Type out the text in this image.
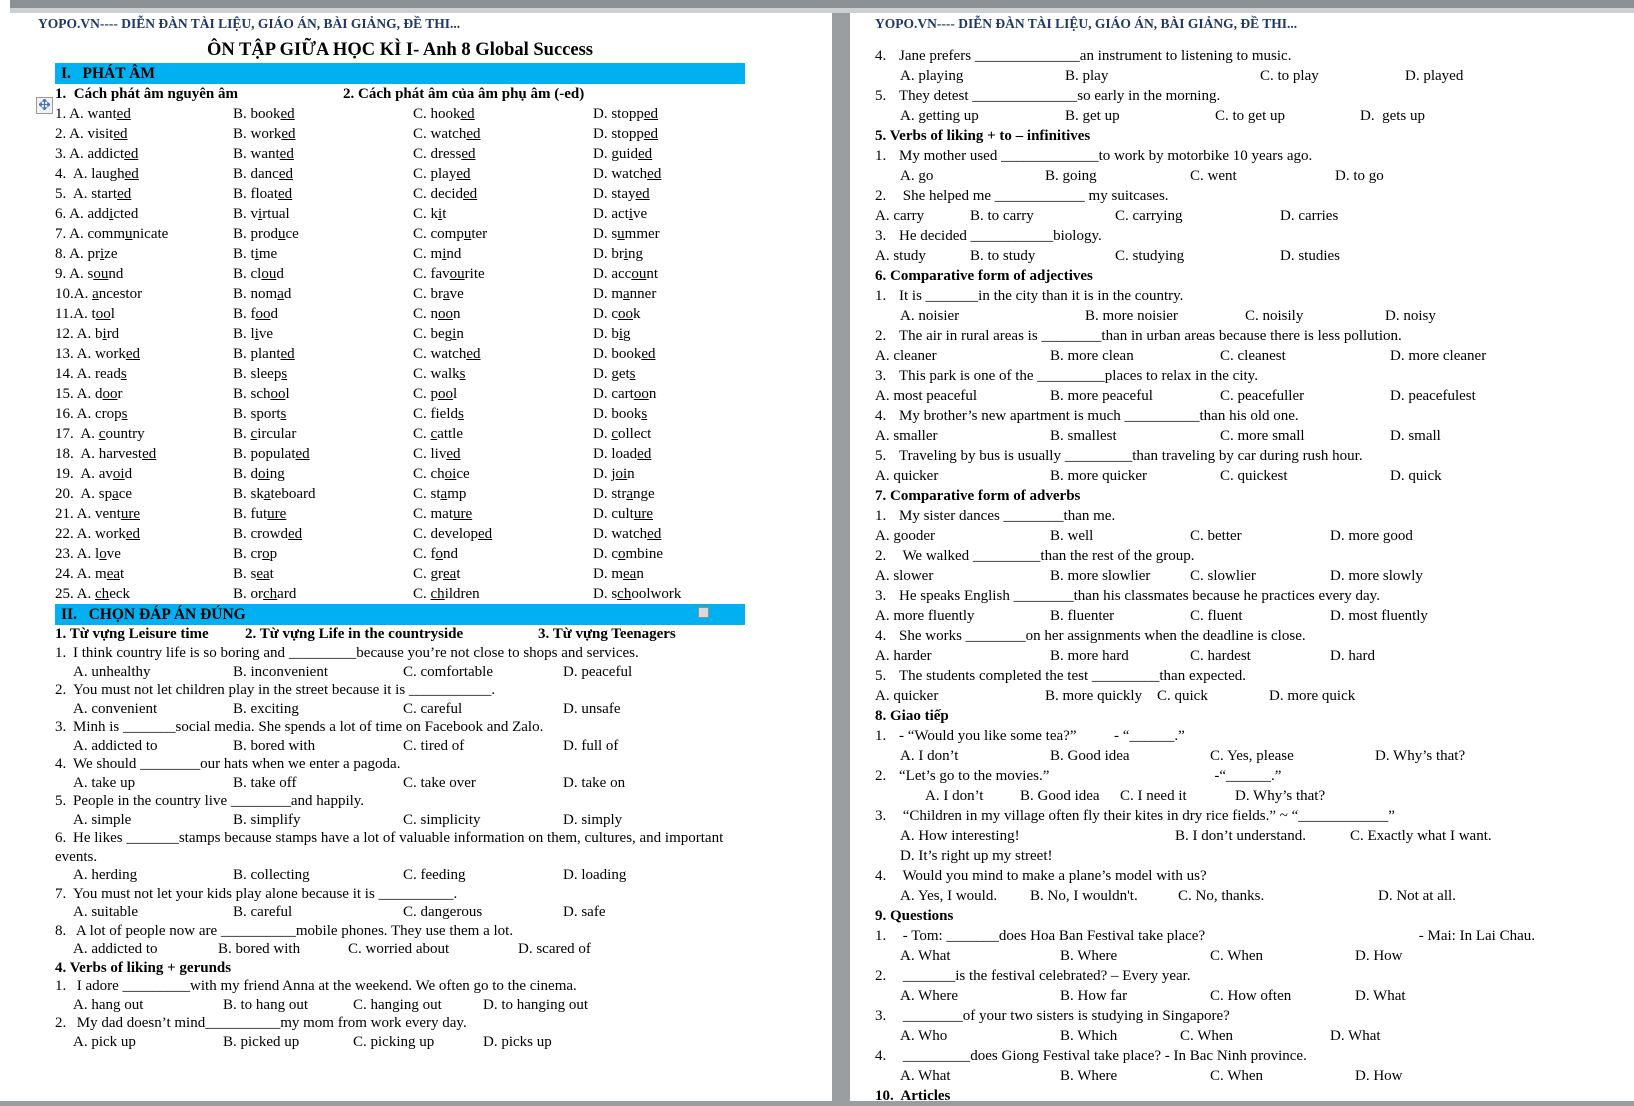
YOPO.VN---- DIỄN ĐÀN TÀI LIỆU, GIÁO ÁN, BÀI GIẢNG, ĐỀ THI...
ÔN TẬP GIỮA HỌC KÌ I- Anh 8 Global Success
I.   PHÁT ÂM
1.  Cách phát âm nguyên âm	2. Cách phát âm của âm phụ âm (-ed)
1. A. wanted	B. booked	C. hooked	D. stopped
2. A. visited	B. worked	C. watched	D. stopped
3. A. addicted	B. wanted	C. dressed	D. guided
4.  A. laughed	B. danced	C. played	D. watched
5.  A. started	B. floated	C. decided	D. stayed
6. A. addicted	B. virtual	C. kit	D. active
7. A. communicate	B. produce	C. computer	D. summer
8. A. prize	B. time	C. mind	D. bring
9. A. sound	B. cloud	C. favourite	D. account
10.A. ancestor	B. nomad	C. brave	D. manner
11.A. tool	B. food	C. noon	D. cook
12. A. bird	B. live	C. begin	D. big
13. A. worked	B. planted	C. watched	D. booked
14. A. reads	B. sleeps	C. walks	D. gets
15. A. door	B. school	C. pool	D. cartoon
16. A. crops	B. sports	C. fields	D. books
17.  A. country	B. circular	C. cattle	D. collect
18.  A. harvested	B. populated	C. lived	D. loaded
19.  A. avoid	B. doing	C. choice	D. join
20.  A. space	B. skateboard	C. stamp	D. strange
21. A. venture	B. future	C. mature	D. culture
22. A. worked	B. crowded	C. developed	D. watched
23. A. love	B. crop	C. fond	D. combine
24. A. meat	B. seat	C. great	D. mean
25. A. check	B. orchard	C. children	D. schoolwork
II.   CHỌN ĐÁP ÁN ĐÚNG
1. Từ vựng Leisure time	2. Từ vựng Life in the countryside	3. Từ vựng Teenagers
1. I think country life is so boring and _________because you’re not close to shops and services.
A. unhealthy	B. inconvenient	C. comfortable	D. peaceful
2. You must not let children play in the street because it is ___________.
A. convenient	B. exciting	C. careful	D. unsafe
3. Minh is _______social media. She spends a lot of time on Facebook and Zalo.
A. addicted to	B. bored with	C. tired of	D. full of
4. We should ________our hats when we enter a pagoda.
A. take up	B. take off	C. take over	D. take on
5. People in the country live ________and happily.
A. simple	B. simplify	C. simplicity	D. simply
6. He likes _______stamps because stamps have a lot of valuable information on them, cultures, and important events.
A. herding	B. collecting	C. feeding	D. loading
7. You must not let your kids play alone because it is __________.
A. suitable	B. careful	C. dangerous	D. safe
8. A lot of people now are __________mobile phones. They use them a lot.
A. addicted to	B. bored with	C. worried about	D. scared of
4. Verbs of liking + gerunds
1. I adore _________with my friend Anna at the weekend. We often go to the cinema.
A. hang out	B. to hang out	C. hanging out	D. to hanging out
2. My dad doesn’t mind__________my mom from work every day.
A. pick up	B. picked up	C. picking up	D. picks up
YOPO.VN---- DIỄN ĐÀN TÀI LIỆU, GIÁO ÁN, BÀI GIẢNG, ĐỀ THI...
4. Jane prefers ______________an instrument to listening to music.
A. playing	B. play	C. to play	D. played
5. They detest ______________so early in the morning.
A. getting up	B. get up	C. to get up	D.  gets up
5. Verbs of liking + to – infinitives
1. My mother used _____________to work by motorbike 10 years ago.
A. go	B. going	C. went	D. to go
2. She helped me ____________ my suitcases.
A. carry	B. to carry	C. carrying	D. carries
3. He decided ___________biology.
A. study	B. to study	C. studying	D. studies
6. Comparative form of adjectives
1. It is _______in the city than it is in the country.
A. noisier	B. more noisier	C. noisily	D. noisy
2. The air in rural areas is ________than in urban areas because there is less pollution.
A. cleaner	B. more clean	C. cleanest	D. more cleaner
3. This park is one of the _________places to relax in the city.
A. most peaceful	B. more peaceful	C. peacefuller	D. peacefulest
4. My brother’s new apartment is much __________than his old one.
A. smaller	B. smallest	C. more small	D. small
5. Traveling by bus is usually _________than traveling by car during rush hour.
A. quicker	B. more quicker	C. quickest	D. quick
7. Comparative form of adverbs
1. My sister dances ________than me.
A. gooder	B. well	C. better	D. more good
2. We walked _________than the rest of the group.
A. slower	B. more slowlier	C. slowlier	D. more slowly
3. He speaks English ________than his classmates because he practices every day.
A. more fluently	B. fluenter	C. fluent	D. most fluently
4. She works ________on her assignments when the deadline is close.
A. harder	B. more hard	C. hardest	D. hard
5. The students completed the test _________than expected.
A. quicker	B. more quickly C. quick	D. more quick
8. Giao tiếp
1. - “Would you like some tea?”          - “______.”
A. I don’t	B. Good idea	C. Yes, please	D. Why’s that?
2. “Let’s go to the movies.”                                            -“______.”
A. I don’t	B. Good idea	C. I need it	D. Why’s that?
3. “Children in my village often fly their kites in dry rice fields.” ~ “____________”
A. How interesting!	B. I don’t understand.	C. Exactly what I want.
D. It’s right up my street!
4. Would you mind to make a plane’s model with us?
A. Yes, I would.	B. No, I wouldn't.	C. No, thanks.	D. Not at all.
9. Questions
- Mai: In Lai Chau.
1. - Tom: _______does Hoa Ban Festival take place?
A. What	B. Where	C. When	D. How
2. _______is the festival celebrated? – Every year.
A. Where	B. How far	C. How often	D. What
3. ________of your two sisters is studying in Singapore?
A. Who	B. Which	C. When	D. What
4. _________does Giong Festival take place? - In Bac Ninh province.
A. What	B. Where	C. When	D. How
10.  Articles
